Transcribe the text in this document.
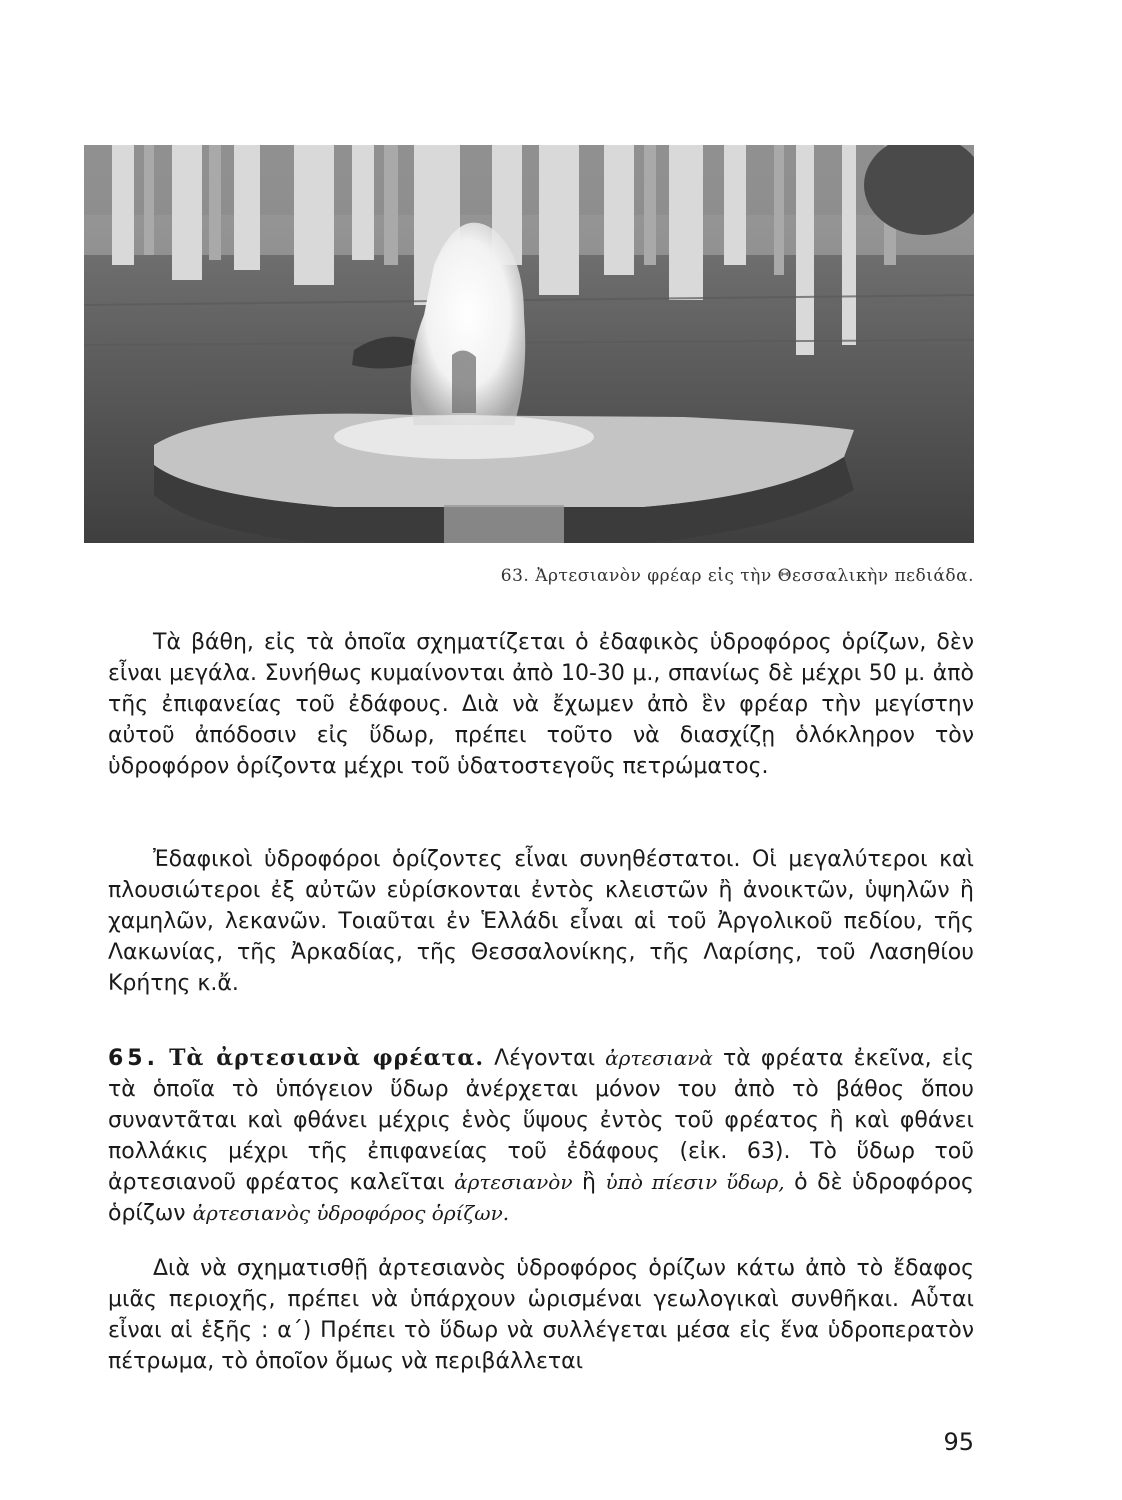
63. Ἀρτεσιανὸν φρέαρ εἰς τὴν Θεσσαλικὴν πεδιάδα.

Τὰ βάθη, εἰς τὰ ὁποῖα σχηματίζεται ὁ ἐδαφικὸς ὑδροφόρος ὁρίζων, δὲν εἶναι μεγάλα. Συνήθως κυμαίνονται ἀπὸ 10-30 μ., σπανίως δὲ μέχρι 50 μ. ἀπὸ τῆς ἐπιφανείας τοῦ ἐδάφους. Διὰ νὰ ἔχωμεν ἀπὸ ἓν φρέαρ τὴν μεγίστην αὐτοῦ ἀπόδοσιν εἰς ὕδωρ, πρέπει τοῦτο νὰ διασχίζῃ ὁλόκληρον τὸν ὑδροφόρον ὁρίζοντα μέχρι τοῦ ὑδατοστεγοῦς πετρώματος.

Ἐδαφικοὶ ὑδροφόροι ὁρίζοντες εἶναι συνηθέστατοι. Οἱ μεγαλύτεροι καὶ πλουσιώτεροι ἐξ αὐτῶν εὑρίσκονται ἐντὸς κλειστῶν ἢ ἀνοικτῶν, ὑψηλῶν ἢ χαμηλῶν, λεκανῶν. Τοιαῦται ἐν Ἑλλάδι εἶναι αἱ τοῦ Ἀργολικοῦ πεδίου, τῆς Λακωνίας, τῆς Ἀρκαδίας, τῆς Θεσσαλονίκης, τῆς Λαρίσης, τοῦ Λασηθίου Κρήτης κ.ἄ.

65. Τὰ ἀρτεσιανὰ φρέατα. Λέγονται ἀρτεσιανὰ τὰ φρέατα ἐκεῖνα, εἰς τὰ ὁποῖα τὸ ὑπόγειον ὕδωρ ἀνέρχεται μόνον του ἀπὸ τὸ βάθος ὅπου συναντᾶται καὶ φθάνει μέχρις ἑνὸς ὕψους ἐντὸς τοῦ φρέατος ἢ καὶ φθάνει πολλάκις μέχρι τῆς ἐπιφανείας τοῦ ἐδάφους (εἰκ. 63). Τὸ ὕδωρ τοῦ ἀρτεσιανοῦ φρέατος καλεῖται ἀρτεσιανὸν ἢ ὑπὸ πίεσιν ὕδωρ, ὁ δὲ ὑδροφόρος ὁρίζων ἀρτεσιανὸς ὑδροφόρος ὁρίζων.

Διὰ νὰ σχηματισθῇ ἀρτεσιανὸς ὑδροφόρος ὁρίζων κάτω ἀπὸ τὸ ἔδαφος μιᾶς περιοχῆς, πρέπει νὰ ὑπάρχουν ὡρισμέναι γεωλογικαὶ συνθῆκαι. Αὗται εἶναι αἱ ἑξῆς : α΄) Πρέπει τὸ ὕδωρ νὰ συλλέγεται μέσα εἰς ἕνα ὑδροπερατὸν πέτρωμα, τὸ ὁποῖον ὅμως νὰ περιβάλλεται

95
